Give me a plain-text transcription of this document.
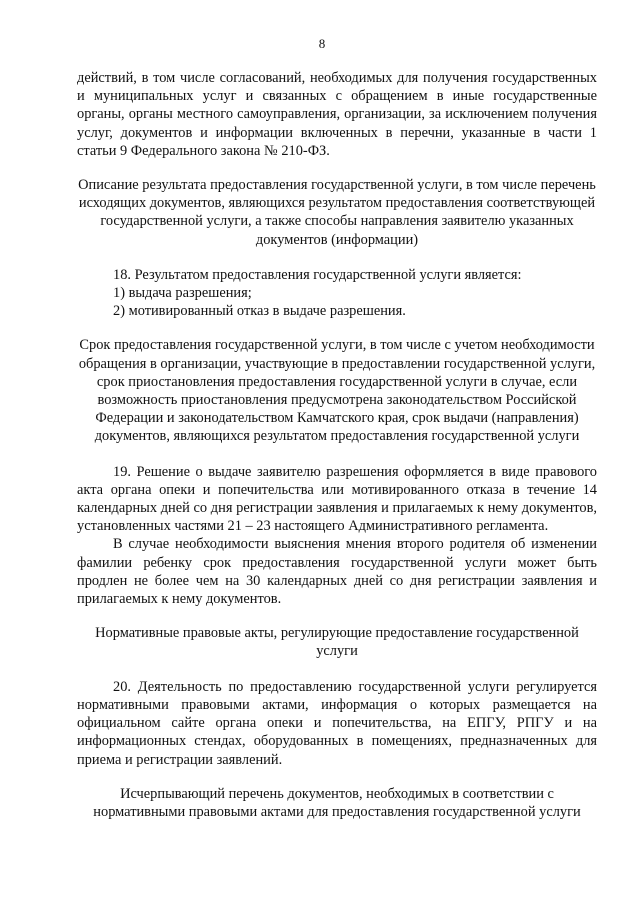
8

действий, в том числе согласований, необходимых для получения государственных и муниципальных услуг и связанных с обращением в иные государственные органы, органы местного самоуправления, организации, за исключением получения услуг, документов и информации включенных в перечни, указанные в части 1 статьи 9 Федерального закона № 210-ФЗ.

Описание результата предоставления государственной услуги, в том числе перечень исходящих документов, являющихся результатом предоставления соответствующей государственной услуги, а также способы направления заявителю указанных документов (информации)

18. Результатом предоставления государственной услуги является:

1) выдача разрешения;

2) мотивированный отказ в выдаче разрешения.

Срок предоставления государственной услуги, в том числе с учетом необходимости обращения в организации, участвующие в предоставлении государственной услуги, срок приостановления предоставления государственной услуги в случае, если возможность приостановления предусмотрена законодательством Российской Федерации и законодательством Камчатского края, срок выдачи (направления) документов, являющихся результатом предоставления государственной услуги

19. Решение о выдаче заявителю разрешения оформляется в виде правового акта органа опеки и попечительства или мотивированного отказа в течение 14 календарных дней со дня регистрации заявления и прилагаемых к нему документов, установленных частями 21 – 23 настоящего Административного регламента.

В случае необходимости выяснения мнения второго родителя об изменении фамилии ребенку срок предоставления государственной услуги может быть продлен не более чем на 30 календарных дней со дня регистрации заявления и прилагаемых к нему документов.

Нормативные правовые акты, регулирующие предоставление государственной услуги

20. Деятельность по предоставлению государственной услуги регулируется нормативными правовыми актами, информация о которых размещается на официальном сайте органа опеки и попечительства, на ЕПГУ, РПГУ и на информационных стендах, оборудованных в помещениях, предназначенных для приема и регистрации заявлений.

Исчерпывающий перечень документов, необходимых в соответствии с нормативными правовыми актами для предоставления государственной услуги
